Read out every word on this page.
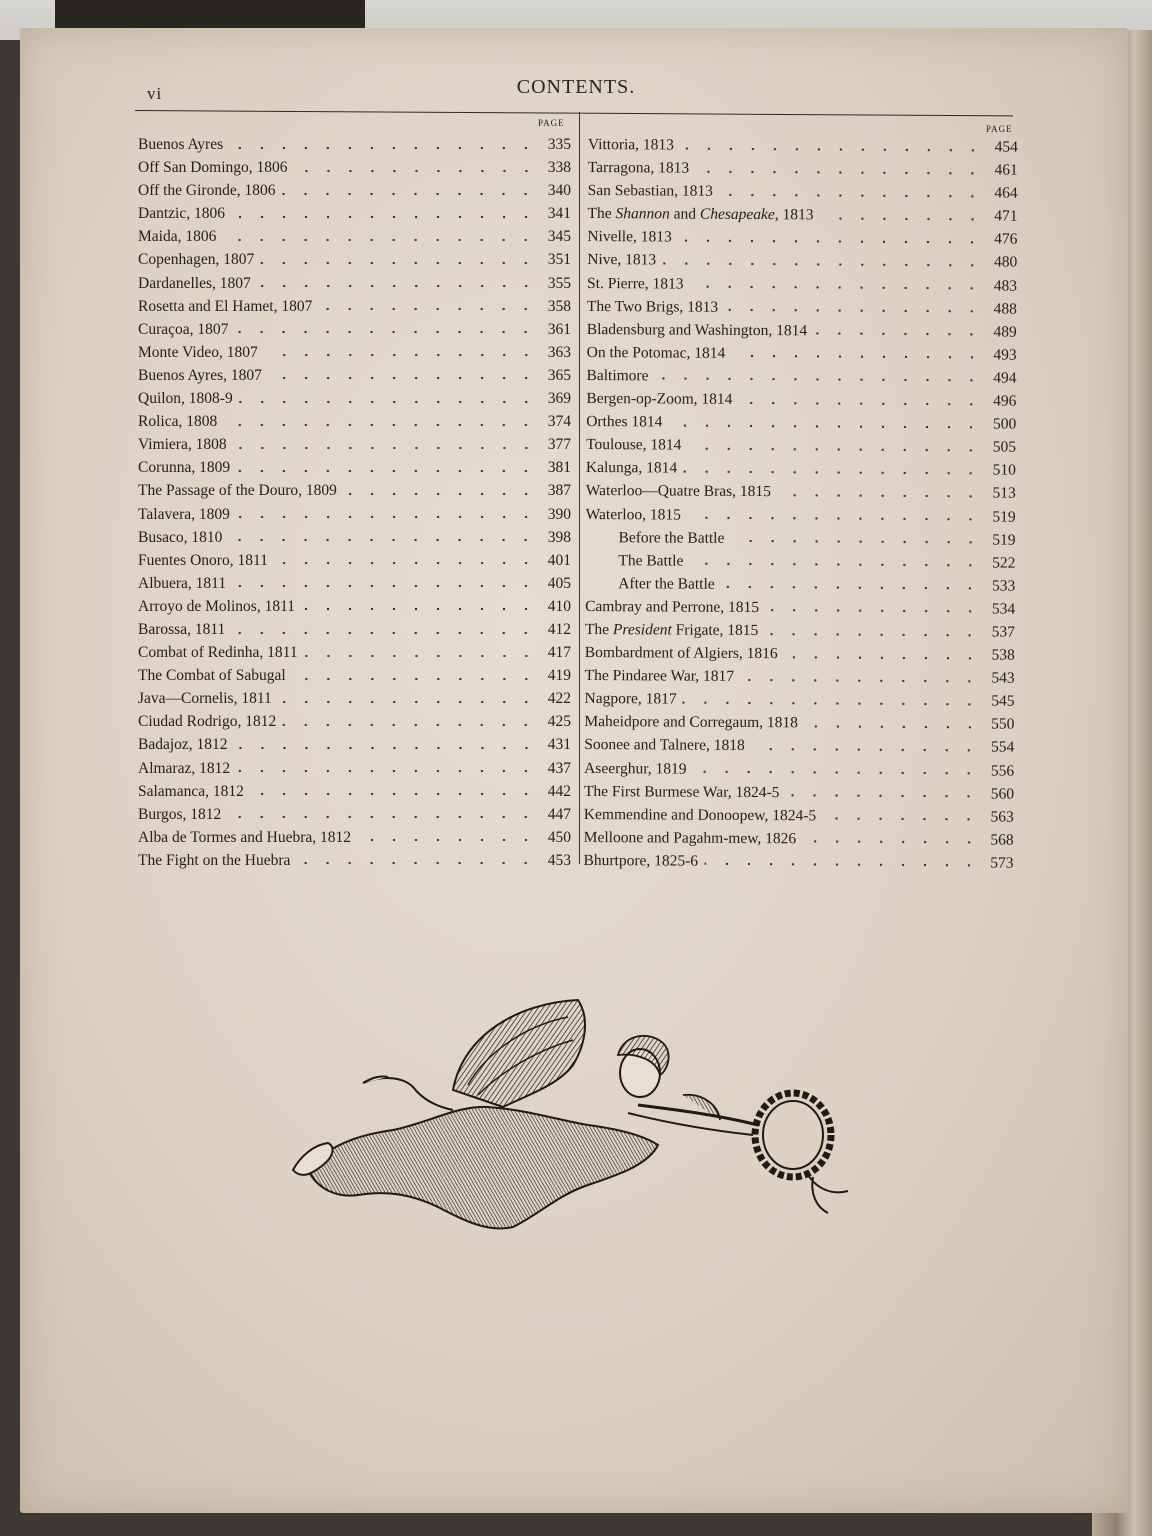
vi	CONTENTS.
PAGE
PAGE
Buenos Ayres	335
Off San Domingo, 1806	338
Off the Gironde, 1806	340
Dantzic, 1806	341
Maida, 1806	345
Copenhagen, 1807	351
Dardanelles, 1807	355
Rosetta and El Hamet, 1807	358
Curaçoa, 1807	361
Monte Video, 1807	363
Buenos Ayres, 1807	365
Quilon, 1808-9	369
Rolica, 1808	374
Vimiera, 1808	377
Corunna, 1809	381
The Passage of the Douro, 1809	387
Talavera, 1809	390
Busaco, 1810	398
Fuentes Onoro, 1811	401
Albuera, 1811	405
Arroyo de Molinos, 1811	410
Barossa, 1811	412
Combat of Redinha, 1811	417
The Combat of Sabugal	419
Java—Cornelis, 1811	422
Ciudad Rodrigo, 1812	425
Badajoz, 1812	431
Almaraz, 1812	437
Salamanca, 1812	442
Burgos, 1812	447
Alba de Tormes and Huebra, 1812	450
The Fight on the Huebra	453
Vittoria, 1813	454
Tarragona, 1813	461
San Sebastian, 1813	464
The Shannon and Chesapeake, 1813	471
Nivelle, 1813	476
Nive, 1813	480
St. Pierre, 1813	483
The Two Brigs, 1813	488
Bladensburg and Washington, 1814	489
On the Potomac, 1814	493
Baltimore	494
Bergen-op-Zoom, 1814	496
Orthes 1814	500
Toulouse, 1814	505
Kalunga, 1814	510
Waterloo—Quatre Bras, 1815	513
Waterloo, 1815	519
Before the Battle	519
The Battle	522
After the Battle	533
Cambray and Perrone, 1815	534
The President Frigate, 1815	537
Bombardment of Algiers, 1816	538
The Pindaree War, 1817	543
Nagpore, 1817	545
Maheidpore and Corregaum, 1818	550
Soonee and Talnere, 1818	554
Aseerghur, 1819	556
The First Burmese War, 1824-5	560
Kemmendine and Donoopew, 1824-5	563
Melloone and Pagahm-mew, 1826	568
Bhurtpore, 1825-6	573
